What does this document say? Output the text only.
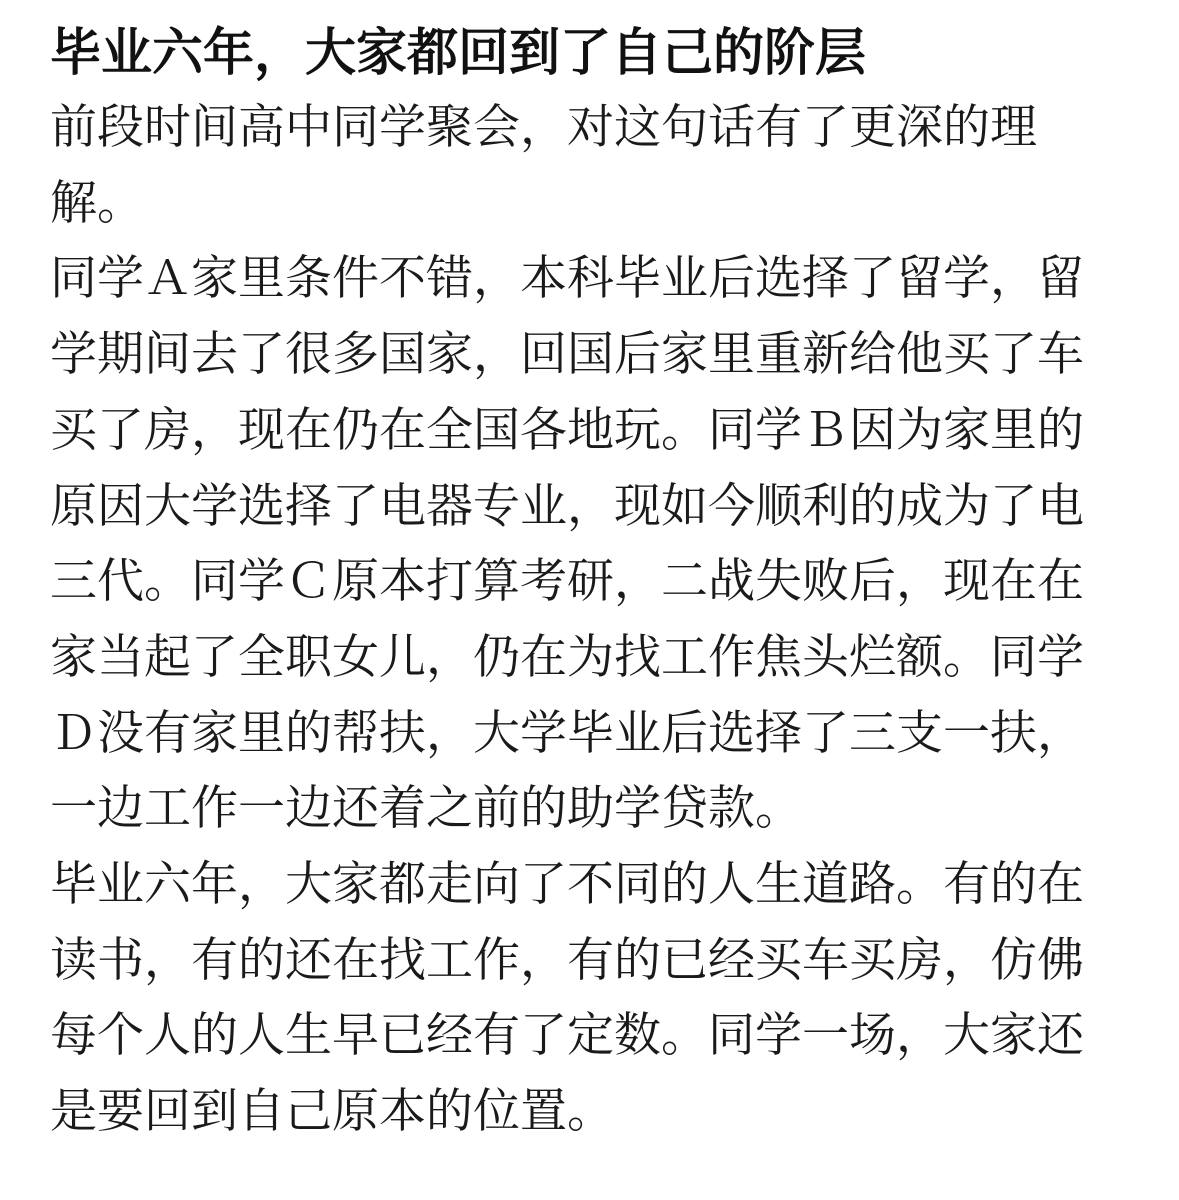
毕业六年，大家都回到了自己的阶层
前段时间高中同学聚会，对这句话有了更深的理
解。
同学Ａ家里条件不错，本科毕业后选择了留学，留
学期间去了很多国家，回国后家里重新给他买了车
买了房，现在仍在全国各地玩。同学Ｂ因为家里的
原因大学选择了电器专业，现如今顺利的成为了电
三代。同学Ｃ原本打算考研，二战失败后，现在在
家当起了全职女儿，仍在为找工作焦头烂额。同学
Ｄ没有家里的帮扶，大学毕业后选择了三支一扶，
一边工作一边还着之前的助学贷款。
毕业六年，大家都走向了不同的人生道路。有的在
读书，有的还在找工作，有的已经买车买房，仿佛
每个人的人生早已经有了定数。同学一场，大家还
是要回到自己原本的位置。
